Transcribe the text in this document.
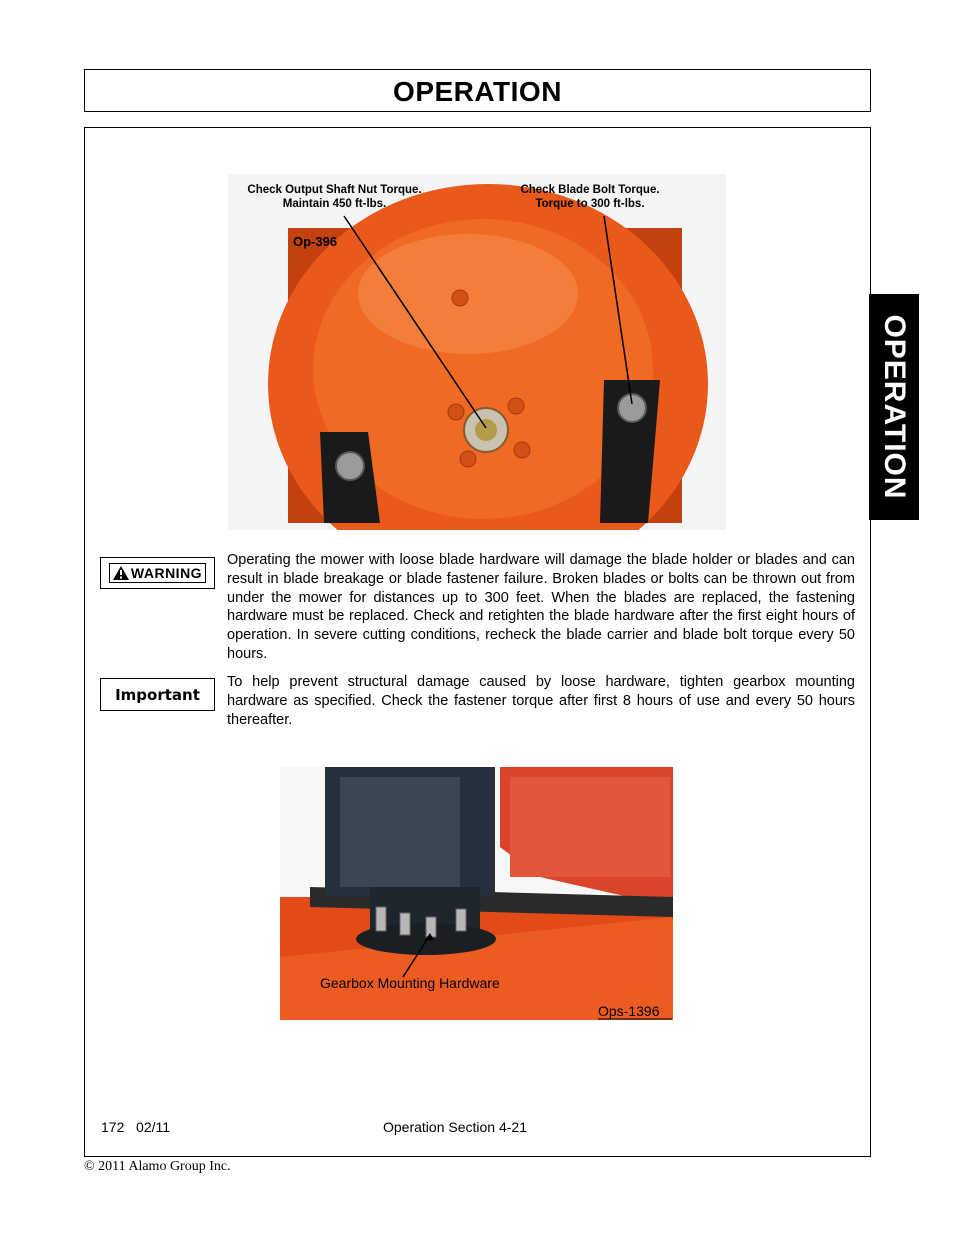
OPERATION
OPERATION
Check Output Shaft Nut Torque.
Maintain 450 ft-lbs.
Check Blade Bolt Torque.
Torque to 300 ft-lbs.
Op-396
WARNING
Operating the mower with loose blade hardware will damage the blade holder or blades and can result in blade breakage or blade fastener failure. Broken blades or bolts can be thrown out from under the mower for distances up to 300 feet. When the blades are replaced, the fastening hardware must be replaced. Check and retighten the blade hardware after the first eight hours of operation. In severe cutting conditions, recheck the blade carrier and blade bolt torque every 50 hours.
Important
To help prevent structural damage caused by loose hardware, tighten gearbox mounting hardware as specified. Check the fastener torque after first 8 hours of use and every 50 hours thereafter.
Gearbox Mounting Hardware
Ops-1396
172   02/11	Operation Section 4-21
© 2011 Alamo Group Inc.
